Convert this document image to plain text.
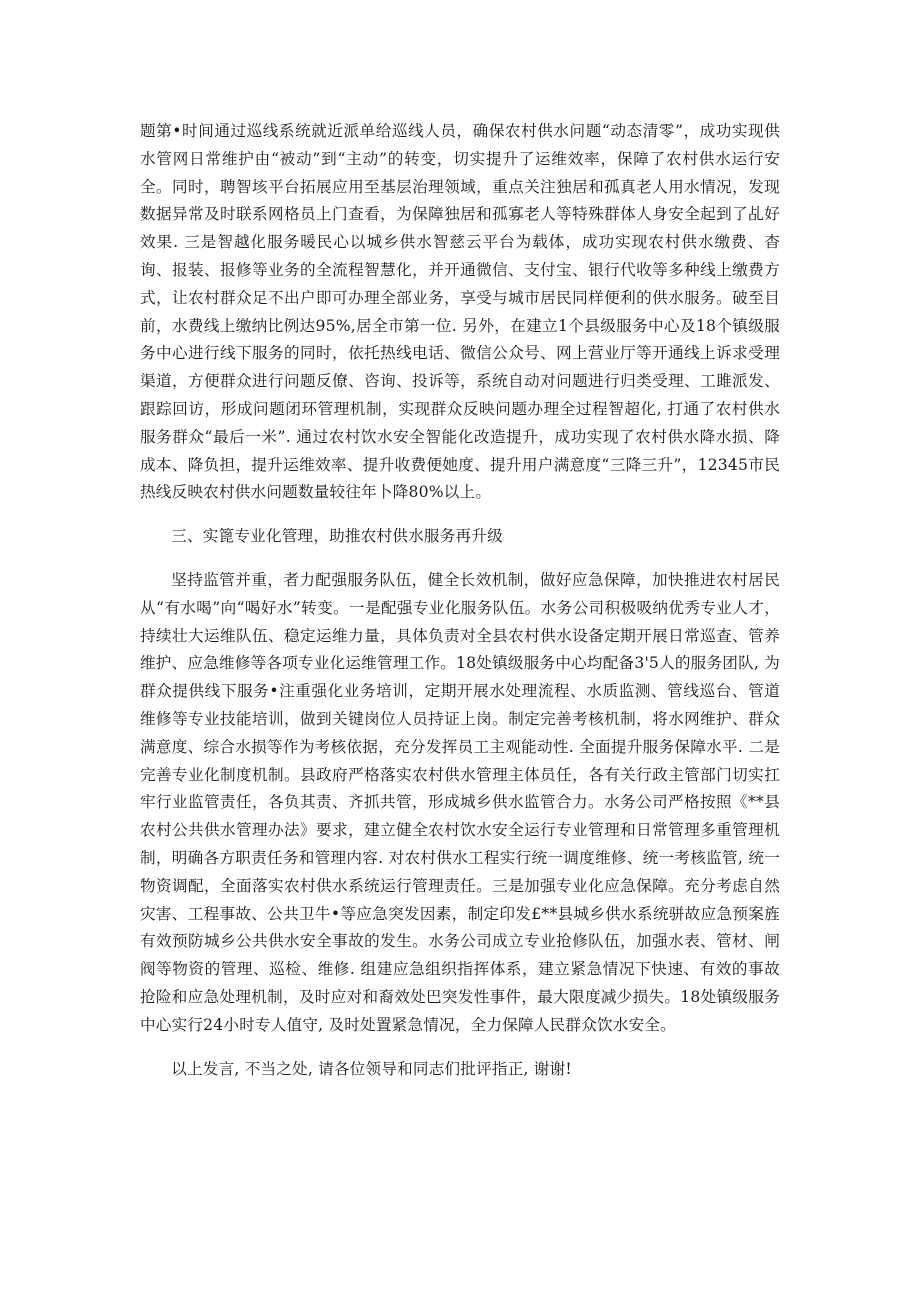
题第•时间通过巡线系统就近派单给巡线人员，确保农村供水问题“动态清零”，成功实现供水管网日常维护由“被动”到“主动”的转变，切实提升了运维效率，保障了农村供水运行安全。同时，聘智垓平台拓展应用至基层治理领域，重点关注独居和孤真老人用水情况，发现数据异常及时联系网格员上门查看，为保障独居和孤寡老人等特殊群体人身安全起到了乩好效果. 三是智越化服务暖民心以城乡供水智慈云平台为载体，成功实现农村供水缴费、杳询、报装、报修等业务的全流程智慧化，并开通微信、支付宝、银行代收等多种线上缴费方式，让农村群众足不出户即可办理全部业务，享受与城市居民同样便利的供水服务。破至目前，水费线上缴纳比例达95%,居全市第一位. 另外，在建立1个县级服务中心及18个镇级服务中心进行线下服务的同时，依托热线电话、微信公众号、网上营业厅等开通线上诉求受理渠道，方便群众进行问题反僚、咨询、投诉等，系统自动对问题进行归类受理、工雎派发、跟踪回访，形成问题闭环管理机制，实现群众反映问题办理全过程智超化, 打通了农村供水服务群众“最后一米”. 通过农村饮水安全智能化改造提升，成功实现了农村供水降水损、降成本、降负担，提升运维效率、提升收费便她度、提升用户满意度“三降三升”，12345市民热线反映农村供水问题数量较往年卜降80%以上。

三、实篦专业化管理，助推农村供水服务再升级

坚持监管并重，者力配强服务队伍，健全长效机制，做好应急保障，加快推进农村居民从“有水喝”向“喝好水”转变。一是配强专业化服务队伍。水务公司积极吸纳优秀专业人才，持续壮大运维队伍、稳定运维力量，具体负责对全县农村供水设备定期开展日常巡查、管养维护、应急维修等各项专业化运维管理工作。18处镇级服务中心均配备3'5人的服务团队, 为群众提供线下服务•注重强化业务培训，定期开展水处理流程、水质监测、管线巡台、管道维修等专业技能培训，做到关键岗位人员持证上岗。制定完善考核机制，将水网维护、群众满意度、综合水损等作为考核依据，充分发挥员工主观能动性. 全面提升服务保障水平. 二是完善专业化制度机制。县政府严格落实农村供水管理主体员任，各有关行政主管部门切实扛牢行业监管责任，各负其责、齐抓共管，形成城乡供水监管合力。水务公司严格按照《**县农村公共供水管理办法》要求，建立健全农村饮水安全运行专业管理和日常管理多重管理机制，明确各方职责任务和管理内容. 对农村供水工程实行统一调度维修、统一考核监管, 统一物资调配，全面落实农村供水系统运行管理责任。三是加强专业化应急保障。充分考虑自然灾害、工程事故、公共卫牛•等应急突发因素，制定印发£**县城乡供水系统骈故应急预案旌有效预防城乡公共供水安全事故的发生。水务公司成立专业抢修队伍，加强水表、管材、闸阀等物资的管理、巡检、维修. 组建应急组织指挥体系，建立紧急情况下快速、有效的事故抢险和应急处理机制，及时应对和裔效处巴突发性事件，最大限度减少损失。18处镇级服务中心实行24小时专人值守, 及时处置紧急情况，全力保障人民群众饮水安全。

以上发言, 不当之处, 请各位领导和同志们批评指正, 谢谢!
